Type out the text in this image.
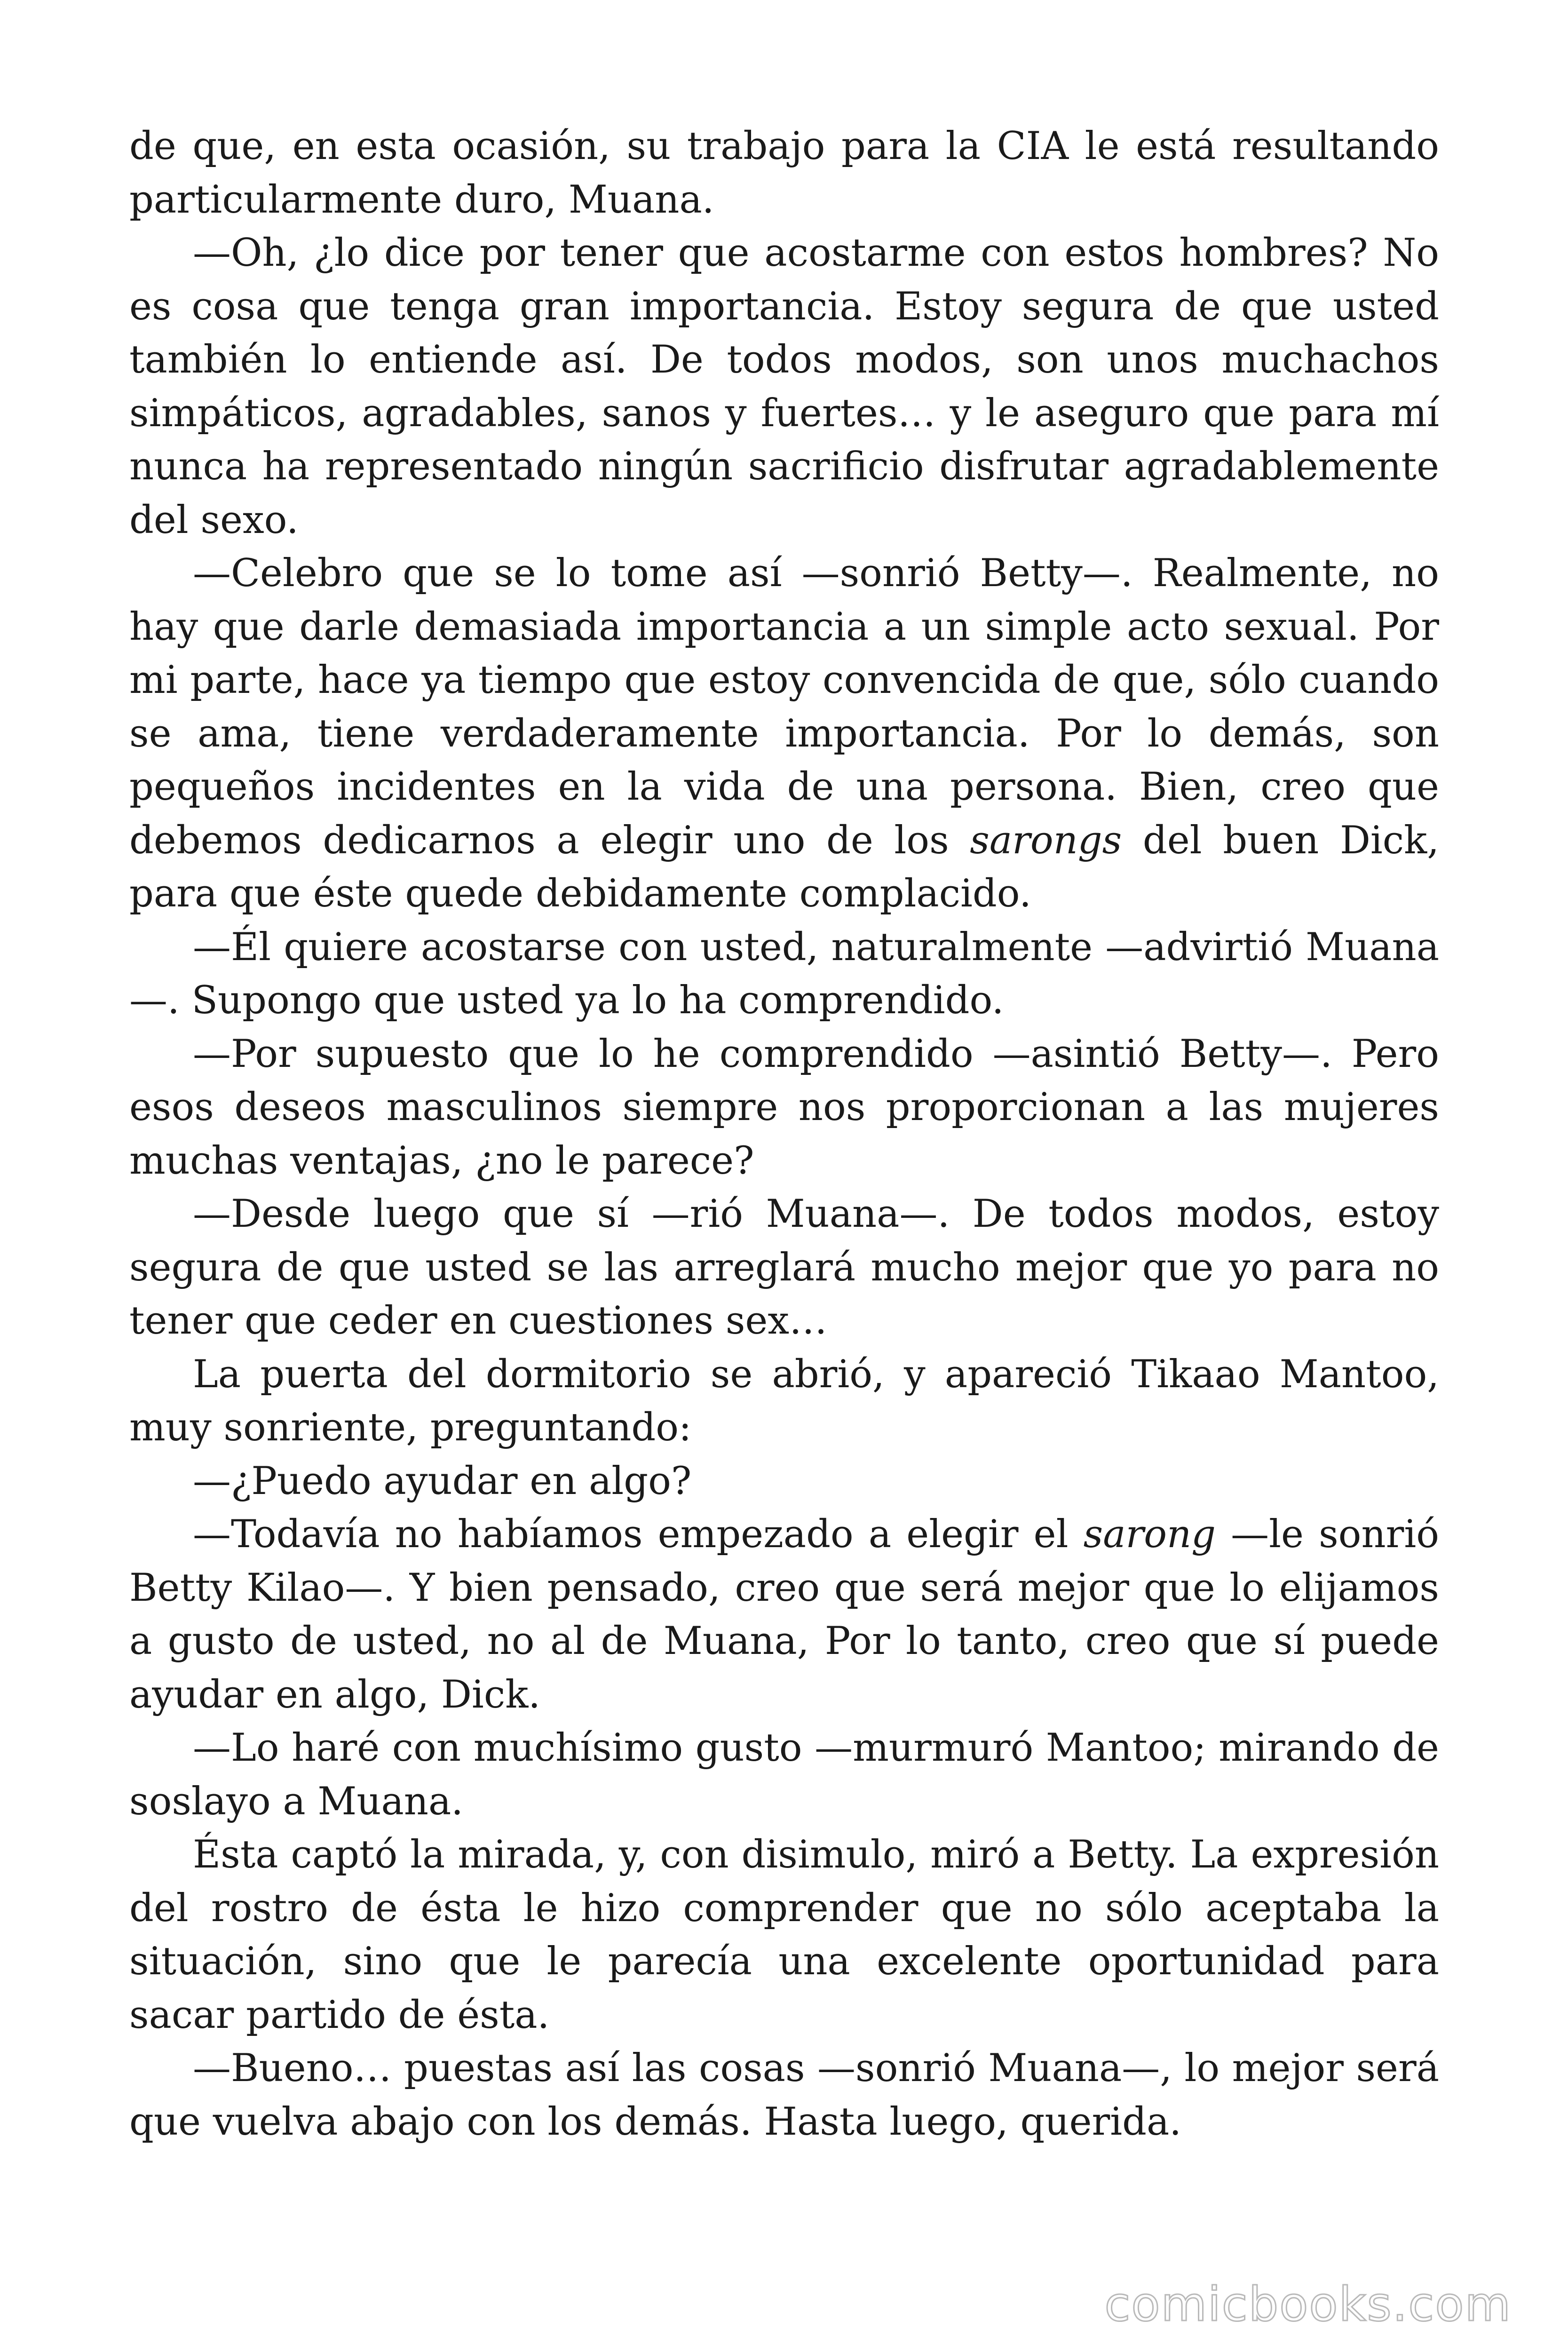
de que, en esta ocasión, su trabajo para la CIA le está resultando particularmente duro, Muana.

—Oh, ¿lo dice por tener que acostarme con estos hombres? No es cosa que tenga gran importancia. Estoy segura de que usted también lo entiende así. De todos modos, son unos muchachos simpáticos, agradables, sanos y fuertes… y le aseguro que para mí nunca ha representado ningún sacrificio disfrutar agradablemente del sexo.

—Celebro que se lo tome así —sonrió Betty—. Realmente, no hay que darle demasiada importancia a un simple acto sexual. Por mi parte, hace ya tiempo que estoy convencida de que, sólo cuando se ama, tiene verdaderamente importancia. Por lo demás, son pequeños incidentes en la vida de una persona. Bien, creo que debemos dedicarnos a elegir uno de los sarongs del buen Dick, para que éste quede debidamente complacido.

—Él quiere acostarse con usted, naturalmente —advirtió Muana —. Supongo que usted ya lo ha comprendido.

—Por supuesto que lo he comprendido —asintió Betty—. Pero esos deseos masculinos siempre nos proporcionan a las mujeres muchas ventajas, ¿no le parece?

—Desde luego que sí —rió Muana—. De todos modos, estoy segura de que usted se las arreglará mucho mejor que yo para no tener que ceder en cuestiones sex…

La puerta del dormitorio se abrió, y apareció Tikaao Mantoo, muy sonriente, preguntando:

—¿Puedo ayudar en algo?

—Todavía no habíamos empezado a elegir el sarong —le sonrió Betty Kilao—. Y bien pensado, creo que será mejor que lo elijamos a gusto de usted, no al de Muana, Por lo tanto, creo que sí puede ayudar en algo, Dick.

—Lo haré con muchísimo gusto —murmuró Mantoo; mirando de soslayo a Muana.

Ésta captó la mirada, y, con disimulo, miró a Betty. La expresión del rostro de ésta le hizo comprender que no sólo aceptaba la situación, sino que le parecía una excelente oportunidad para sacar partido de ésta.

—Bueno… puestas así las cosas —sonrió Muana—, lo mejor será que vuelva abajo con los demás. Hasta luego, querida.

comicbooks.com
